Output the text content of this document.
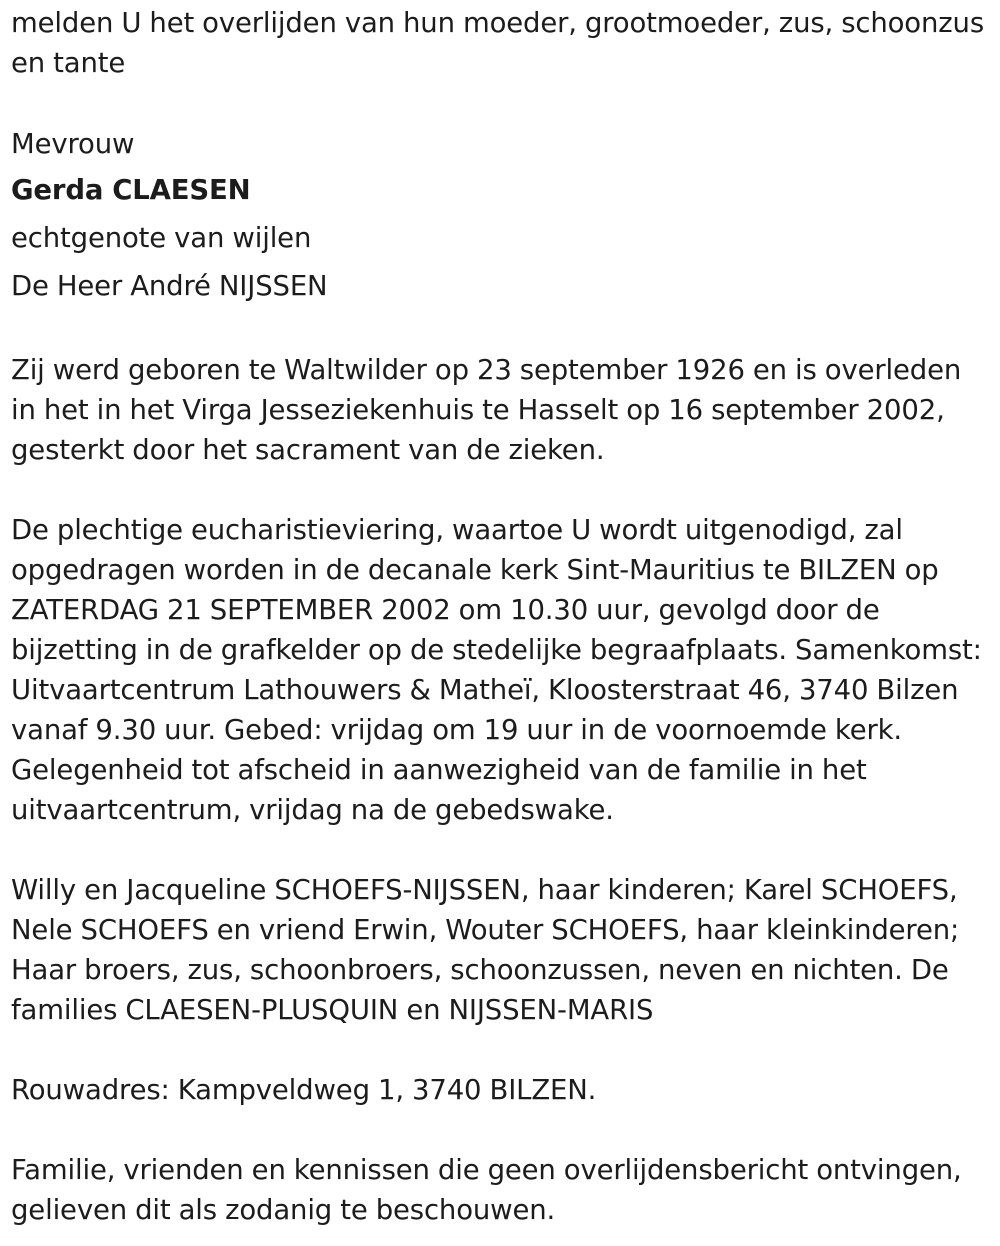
melden U het overlijden van hun moeder, grootmoeder, zus, schoonzus en tante

Mevrouw
Gerda CLAESEN
echtgenote van wijlen
De Heer André NIJSSEN

Zij werd geboren te Waltwilder op 23 september 1926 en is overleden in het in het Virga Jesseziekenhuis te Hasselt op 16 september 2002, gesterkt door het sacrament van de zieken.

De plechtige eucharistieviering, waartoe U wordt uitgenodigd, zal opgedragen worden in de decanale kerk Sint-Mauritius te BILZEN op ZATERDAG 21 SEPTEMBER 2002 om 10.30 uur, gevolgd door de bijzetting in de grafkelder op de stedelijke begraafplaats. Samenkomst: Uitvaartcentrum Lathouwers & Matheï, Kloosterstraat 46, 3740 Bilzen vanaf 9.30 uur. Gebed: vrijdag om 19 uur in de voornoemde kerk. Gelegenheid tot afscheid in aanwezigheid van de familie in het uitvaartcentrum, vrijdag na de gebedswake.

Willy en Jacqueline SCHOEFS-NIJSSEN, haar kinderen; Karel SCHOEFS, Nele SCHOEFS en vriend Erwin, Wouter SCHOEFS, haar kleinkinderen; Haar broers, zus, schoonbroers, schoonzussen, neven en nichten. De families CLAESEN-PLUSQUIN en NIJSSEN-MARIS

Rouwadres: Kampveldweg 1, 3740 BILZEN.

Familie, vrienden en kennissen die geen overlijdensbericht ontvingen, gelieven dit als zodanig te beschouwen.
